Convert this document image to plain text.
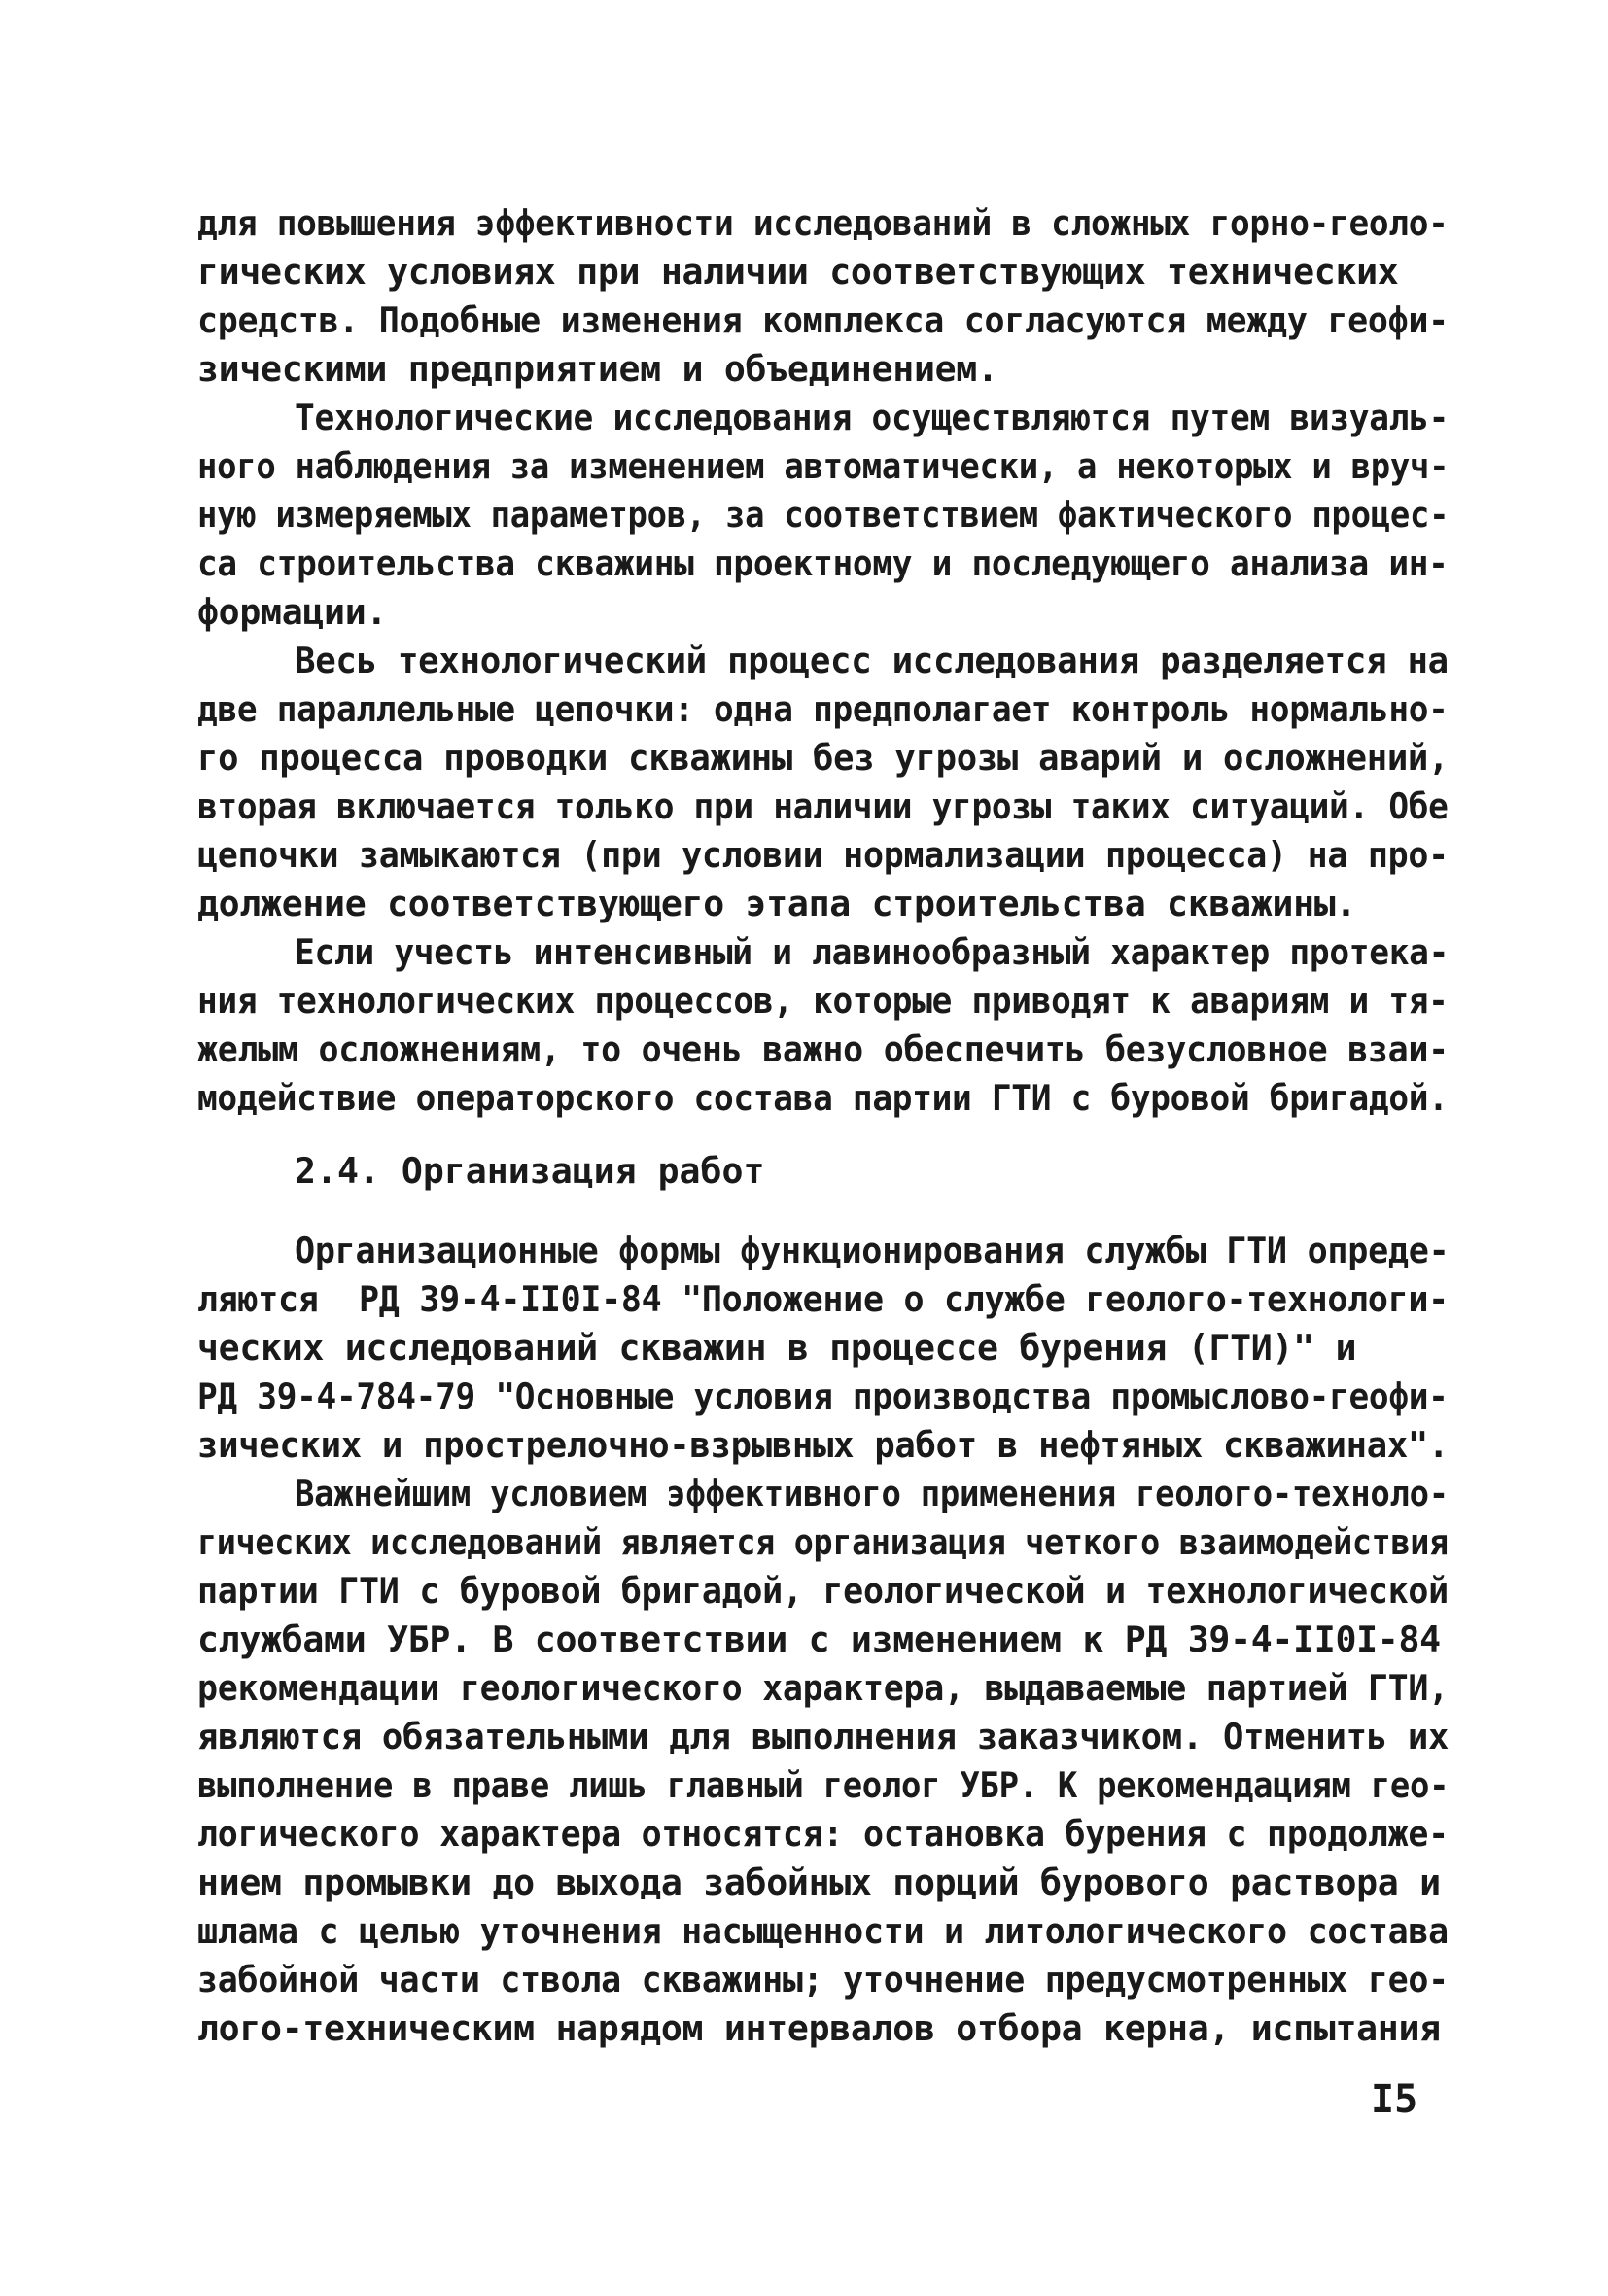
для повышения эффективности исследований в сложных горно-геоло-
гических условиях при наличии соответствующих технических
средств. Подобные изменения комплекса согласуются между геофи-
зическими предприятием и объединением.
Технологические исследования осуществляются путем визуаль-
ного наблюдения за изменением автоматически, а некоторых и вруч-
ную измеряемых параметров, за соответствием фактического процес-
са строительства скважины проектному и последующего анализа ин-
формации.
Весь технологический процесс исследования разделяется на
две параллельные цепочки: одна предполагает контроль нормально-
го процесса проводки скважины без угрозы аварий и осложнений,
вторая включается только при наличии угрозы таких ситуаций. Обе
цепочки замыкаются (при условии нормализации процесса) на про-
должение соответствующего этапа строительства скважины.
Если учесть интенсивный и лавинообразный характер протека-
ния технологических процессов, которые приводят к авариям и тя-
желым осложнениям, то очень важно обеспечить безусловное взаи-
модействие операторского состава партии ГТИ с буровой бригадой.
2.4. Организация работ
Организационные формы функционирования службы ГТИ опреде-
ляются  РД 39-4-II0I-84 "Положение о службе геолого-технологи-
ческих исследований скважин в процессе бурения (ГТИ)" и
РД 39-4-784-79 "Основные условия производства промыслово-геофи-
зических и прострелочно-взрывных работ в нефтяных скважинах".
Важнейшим условием эффективного применения геолого-техноло-
гических исследований является организация четкого взаимодействия
партии ГТИ с буровой бригадой, геологической и технологической
службами УБР. В соответствии с изменением к РД 39-4-II0I-84
рекомендации геологического характера, выдаваемые партией ГТИ,
являются обязательными для выполнения заказчиком. Отменить их
выполнение в праве лишь главный геолог УБР. К рекомендациям гео-
логического характера относятся: остановка бурения с продолже-
нием промывки до выхода забойных порций бурового раствора и
шлама с целью уточнения насыщенности и литологического состава
забойной части ствола скважины; уточнение предусмотренных гео-
лого-техническим нарядом интервалов отбора керна, испытания
I5
